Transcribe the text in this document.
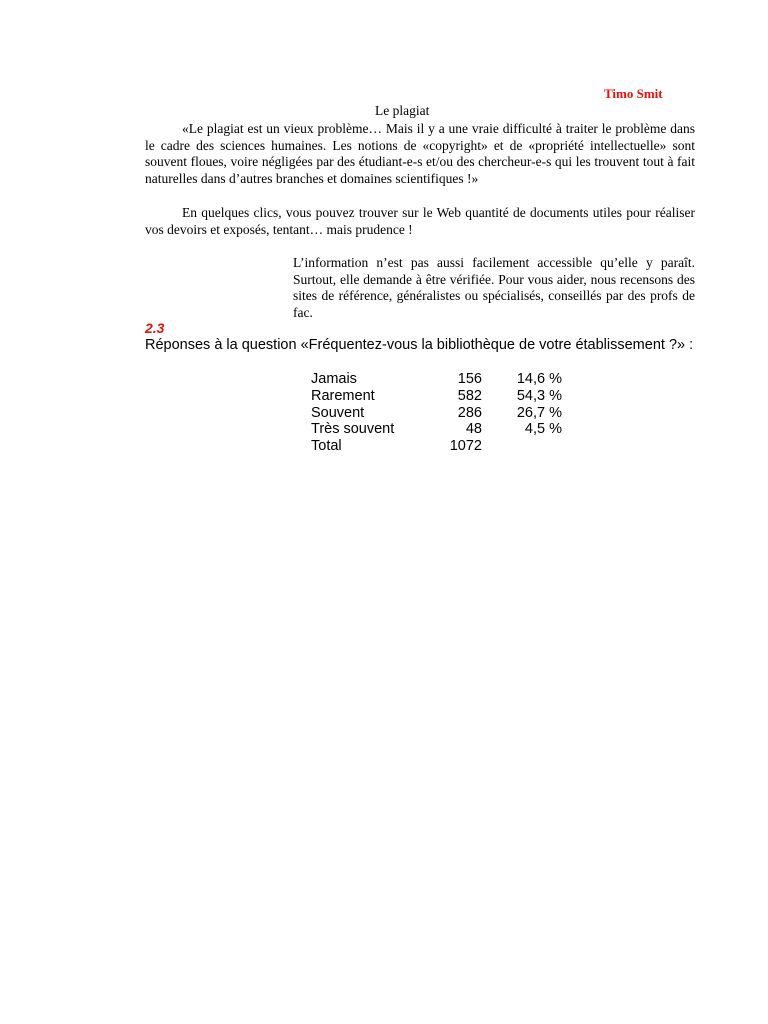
Timo Smit
Le plagiat

«Le plagiat est un vieux problème… Mais il y a une vraie difficulté à traiter le problème dans le cadre des sciences humaines. Les notions de «copyright» et de «propriété intellectuelle» sont souvent floues, voire négligées par des étudiant-e-s et/ou des chercheur-e-s qui les trouvent tout à fait naturelles dans d’autres branches et domaines scientifiques !»

En quelques clics, vous pouvez trouver sur le Web quantité de documents utiles pour réaliser vos devoirs et exposés, tentant… mais prudence !

L’information n’est pas aussi facilement accessible qu’elle y paraît. Surtout, elle demande à être vérifiée. Pour vous aider, nous recensons des sites de référence, généralistes ou spécialisés, conseillés par des profs de fac.

2.3

Réponses à la question «Fréquentez-vous la bibliothèque de votre établissement ?» :

Jamais	156	14,6 %
Rarement	582	54,3 %
Souvent	286	26,7 %
Très souvent	48	4,5 %
Total	1072	
